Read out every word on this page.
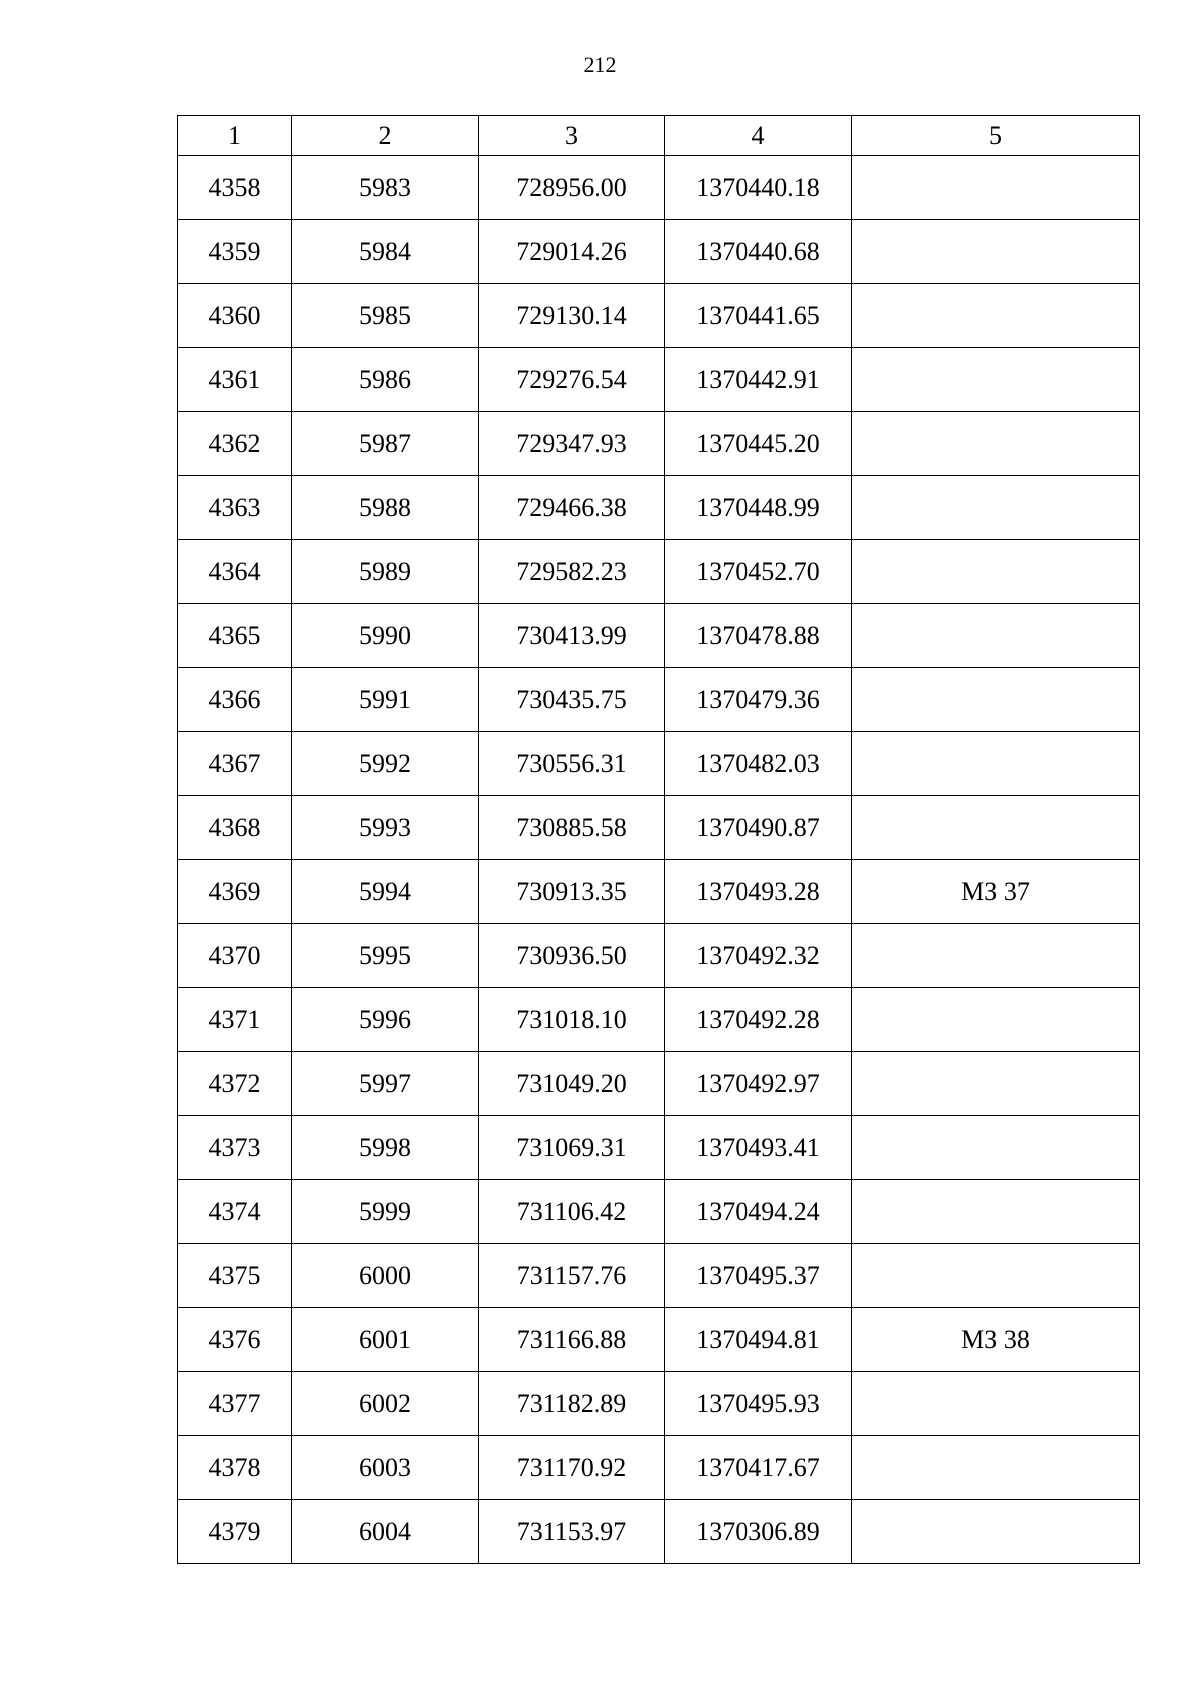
212
1	2	3	4	5
4358	5983	728956.00	1370440.18	
4359	5984	729014.26	1370440.68	
4360	5985	729130.14	1370441.65	
4361	5986	729276.54	1370442.91	
4362	5987	729347.93	1370445.20	
4363	5988	729466.38	1370448.99	
4364	5989	729582.23	1370452.70	
4365	5990	730413.99	1370478.88	
4366	5991	730435.75	1370479.36	
4367	5992	730556.31	1370482.03	
4368	5993	730885.58	1370490.87	
4369	5994	730913.35	1370493.28	МЗ 37
4370	5995	730936.50	1370492.32	
4371	5996	731018.10	1370492.28	
4372	5997	731049.20	1370492.97	
4373	5998	731069.31	1370493.41	
4374	5999	731106.42	1370494.24	
4375	6000	731157.76	1370495.37	
4376	6001	731166.88	1370494.81	МЗ 38
4377	6002	731182.89	1370495.93	
4378	6003	731170.92	1370417.67	
4379	6004	731153.97	1370306.89	
